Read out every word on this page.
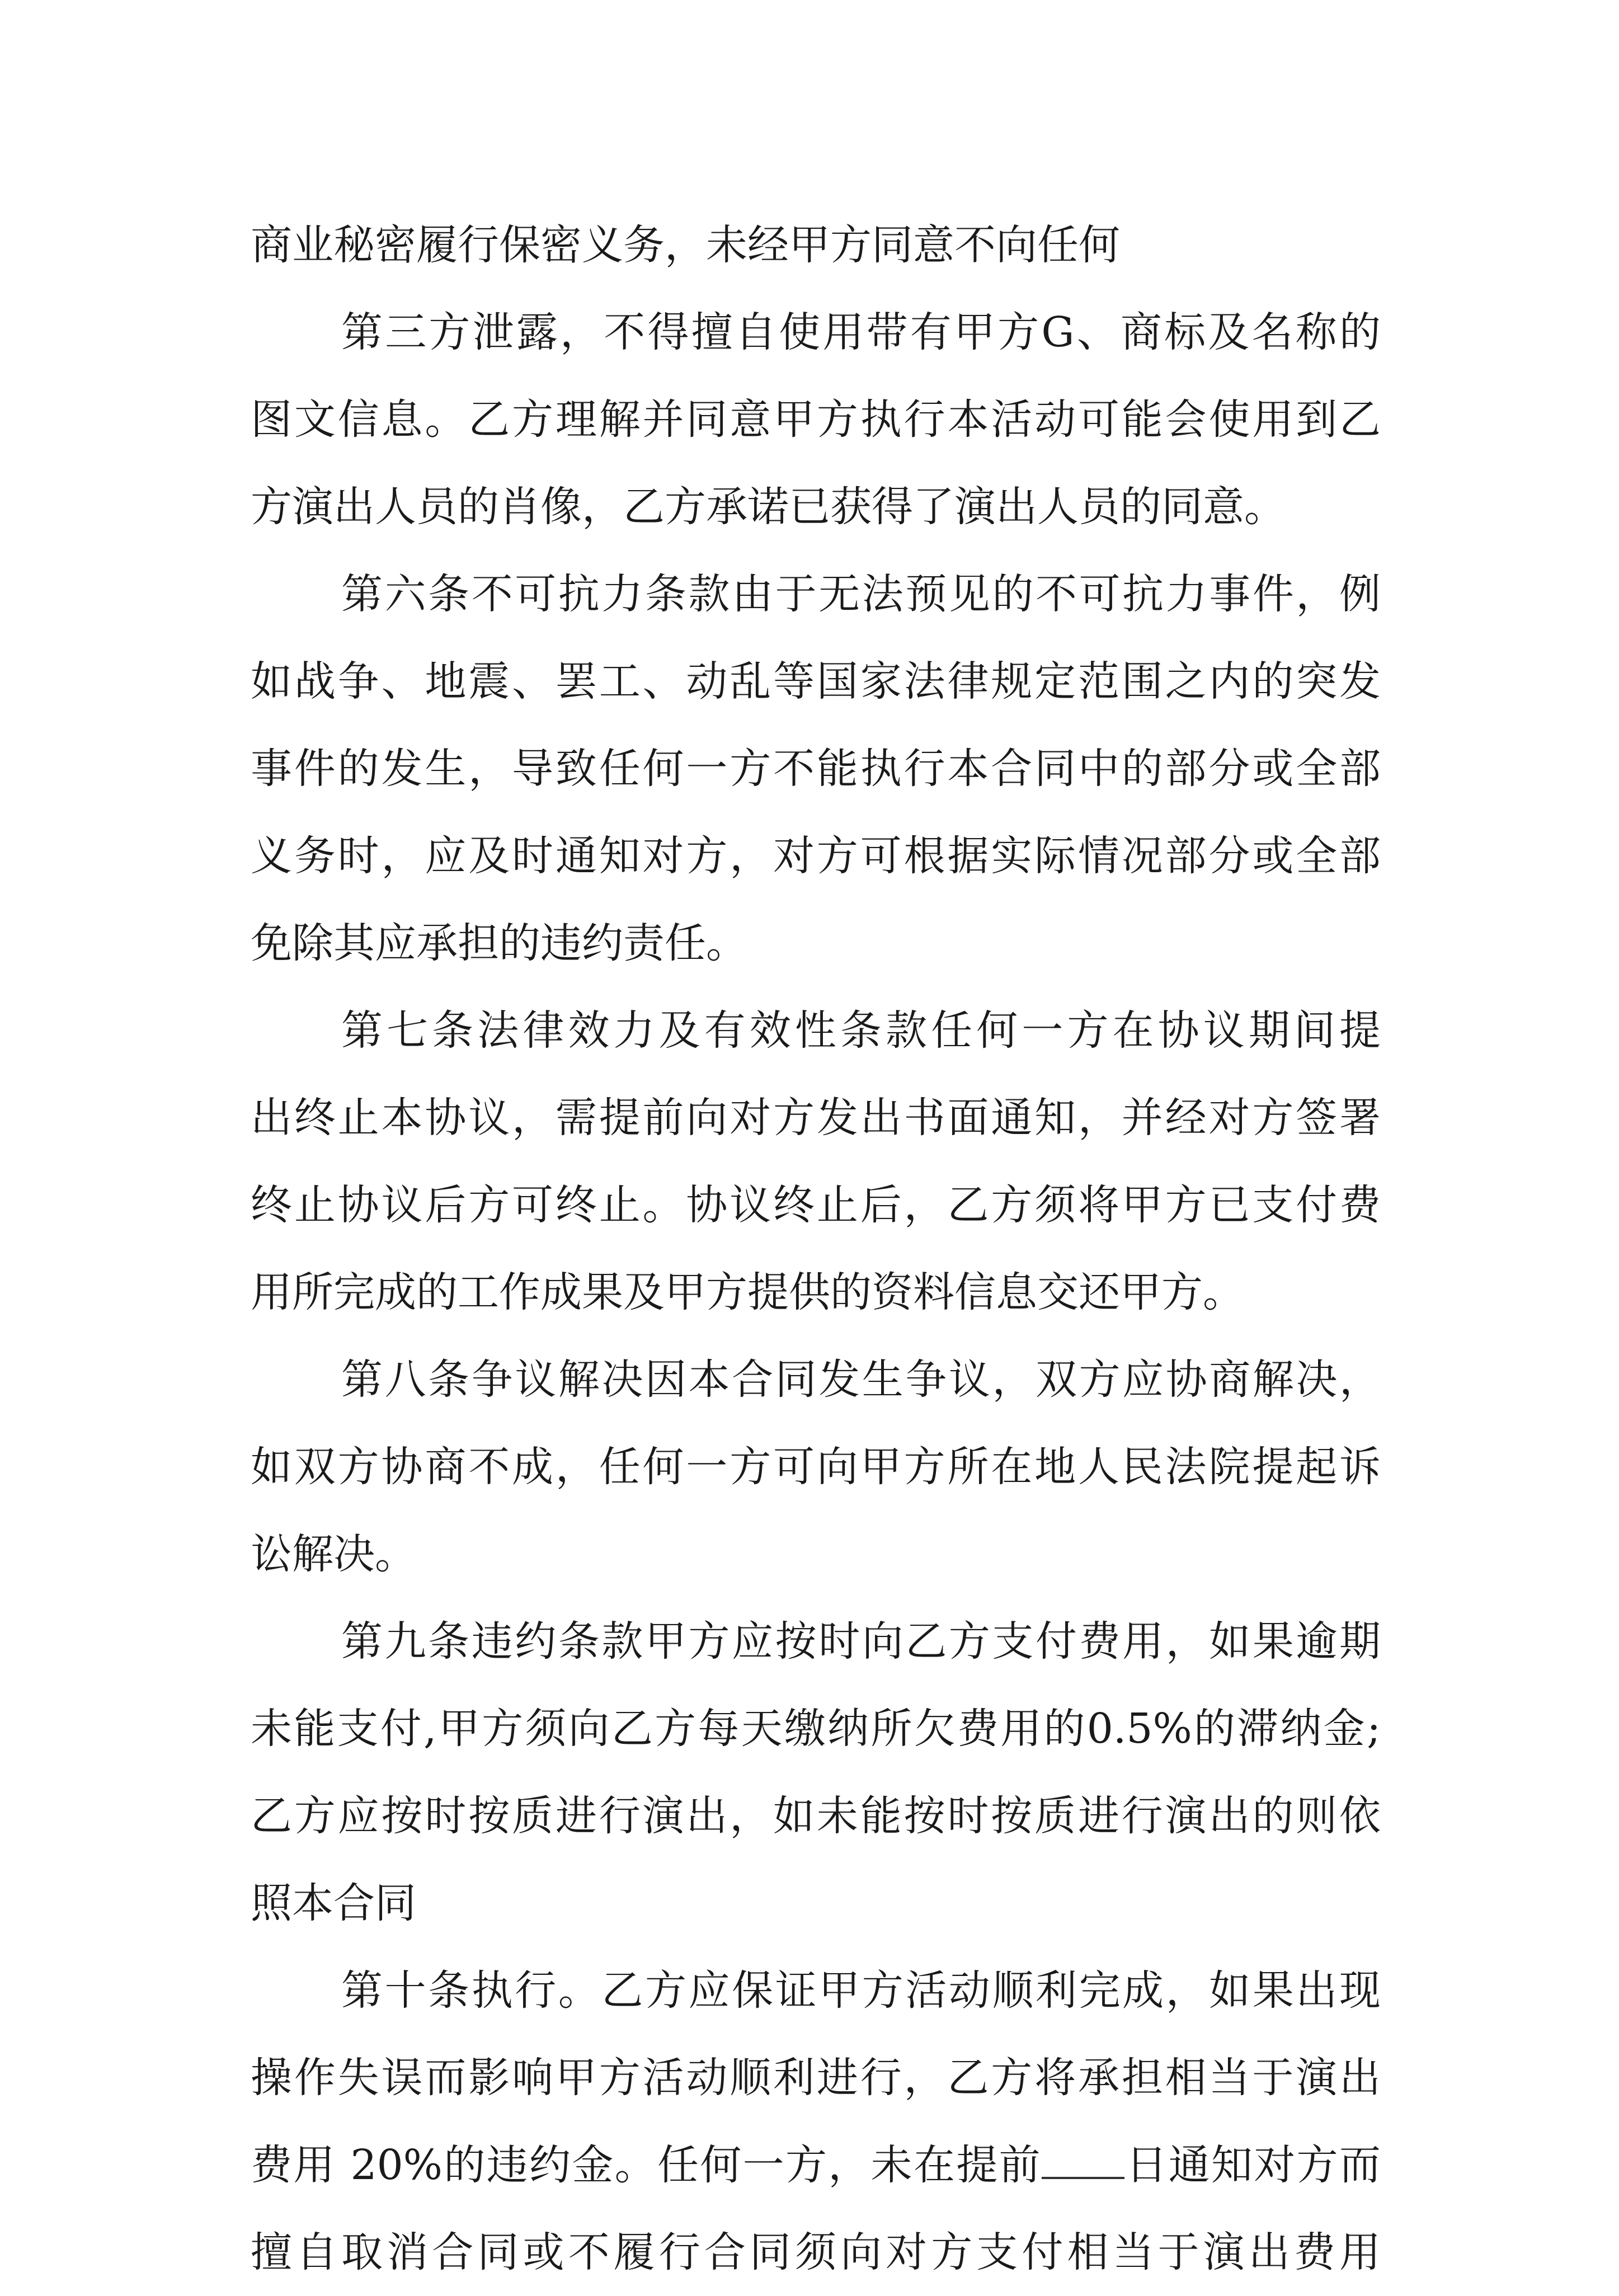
商业秘密履行保密义务，未经甲方同意不向任何
第三方泄露，不得擅自使用带有甲方G、商标及名称的
图文信息。乙方理解并同意甲方执行本活动可能会使用到乙
方演出人员的肖像，乙方承诺已获得了演出人员的同意。
第六条不可抗力条款由于无法预见的不可抗力事件，例
如战争、地震、罢工、动乱等国家法律规定范围之内的突发
事件的发生，导致任何一方不能执行本合同中的部分或全部
义务时，应及时通知对方，对方可根据实际情况部分或全部
免除其应承担的违约责任。
第七条法律效力及有效性条款任何一方在协议期间提
出终止本协议，需提前向对方发出书面通知，并经对方签署
终止协议后方可终止。协议终止后，乙方须将甲方已支付费
用所完成的工作成果及甲方提供的资料信息交还甲方。
第八条争议解决因本合同发生争议，双方应协商解决，
如双方协商不成，任何一方可向甲方所在地人民法院提起诉
讼解决。
第九条违约条款甲方应按时向乙方支付费用，如果逾期
未能支付,甲方须向乙方每天缴纳所欠费用的0.5%的滞纳金;
乙方应按时按质进行演出，如未能按时按质进行演出的则依
照本合同
第十条执行。乙方应保证甲方活动顺利完成，如果出现
操作失误而影响甲方活动顺利进行，乙方将承担相当于演出
费用 20%的违约金。任何一方，未在提前 日通知对方而
擅自取消合同或不履行合同须向对方支付相当于演出费用
